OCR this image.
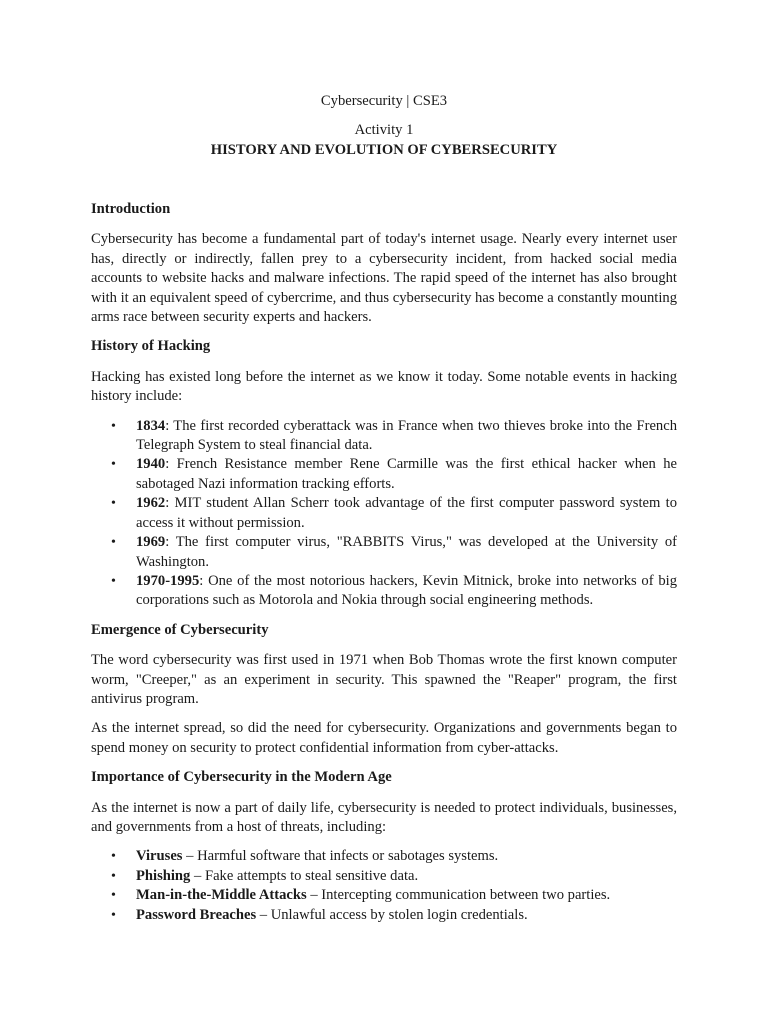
Cybersecurity | CSE3
Activity 1
HISTORY AND EVOLUTION OF CYBERSECURITY
Introduction

Cybersecurity has become a fundamental part of today's internet usage. Nearly every internet user has, directly or indirectly, fallen prey to a cybersecurity incident, from hacked social media accounts to website hacks and malware infections. The rapid speed of the internet has also brought with it an equivalent speed of cybercrime, and thus cybersecurity has become a constantly mounting arms race between security experts and hackers.

History of Hacking

Hacking has existed long before the internet as we know it today. Some notable events in hacking history include:

• 1834: The first recorded cyberattack was in France when two thieves broke into the French Telegraph System to steal financial data.
• 1940: French Resistance member Rene Carmille was the first ethical hacker when he sabotaged Nazi information tracking efforts.
• 1962: MIT student Allan Scherr took advantage of the first computer password system to access it without permission.
• 1969: The first computer virus, "RABBITS Virus," was developed at the University of Washington.
• 1970-1995: One of the most notorious hackers, Kevin Mitnick, broke into networks of big corporations such as Motorola and Nokia through social engineering methods.
Emergence of Cybersecurity

The word cybersecurity was first used in 1971 when Bob Thomas wrote the first known computer worm, "Creeper," as an experiment in security. This spawned the "Reaper" program, the first antivirus program.

As the internet spread, so did the need for cybersecurity. Organizations and governments began to spend money on security to protect confidential information from cyber-attacks.

Importance of Cybersecurity in the Modern Age

As the internet is now a part of daily life, cybersecurity is needed to protect individuals, businesses, and governments from a host of threats, including:

• Viruses – Harmful software that infects or sabotages systems.
• Phishing – Fake attempts to steal sensitive data.
• Man-in-the-Middle Attacks – Intercepting communication between two parties.
• Password Breaches – Unlawful access by stolen login credentials.
